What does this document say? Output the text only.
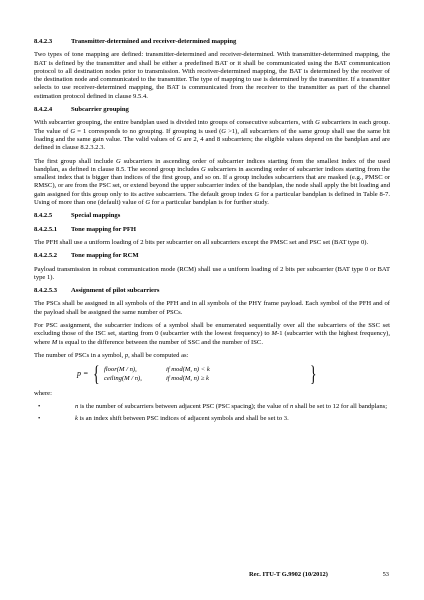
8.4.2.3	Transmitter-determined and receiver-determined mapping

Two types of tone mapping are defined: transmitter-determined and receiver-determined. With transmitter-determined mapping, the BAT is defined by the transmitter and shall be either a predefined BAT or it shall be communicated using the BAT communication protocol to all destination nodes prior to transmission. With receiver-determined mapping, the BAT is determined by the receiver of the destination node and communicated to the transmitter. The type of mapping to use is determined by the transmitter. If a transmitter selects to use receiver-determined mapping, the BAT is communicated from the receiver to the transmitter as part of the channel estimation protocol defined in clause 9.5.4.

8.4.2.4	Subcarrier grouping

With subcarrier grouping, the entire bandplan used is divided into groups of consecutive subcarriers, with G subcarriers in each group. The value of G = 1 corresponds to no grouping. If grouping is used (G >1), all subcarriers of the same group shall use the same bit loading and the same gain value. The valid values of G are 2, 4 and 8 subcarriers; the eligible values depend on the bandplan and are defined in clause 8.2.3.2.3.

The first group shall include G subcarriers in ascending order of subcarrier indices starting from the smallest index of the used bandplan, as defined in clause 8.5. The second group includes G subcarriers in ascending order of subcarrier indices starting from the smallest index that is bigger than indices of the first group, and so on. If a group includes subcarriers that are masked (e.g., PMSC or RMSC), or are from the PSC set, or extend beyond the upper subcarrier index of the bandplan, the node shall apply the bit loading and gain assigned for this group only to its active subcarriers. The default group index G for a particular bandplan is defined in Table 8-7. Using of more than one (default) value of G for a particular bandplan is for further study.

8.4.2.5	Special mappings
8.4.2.5.1	Tone mapping for PFH

The PFH shall use a uniform loading of 2 bits per subcarrier on all subcarriers except the PMSC set and PSC set (BAT type 0).

8.4.2.5.2	Tone mapping for RCM

Payload transmission in robust communication mode (RCM) shall use a uniform loading of 2 bits per subcarrier (BAT type 0 or BAT type 1).

8.4.2.5.3	Assignment of pilot subcarriers

The PSCs shall be assigned in all symbols of the PFH and in all symbols of the PHY frame payload. Each symbol of the PFH and of the payload shall be assigned the same number of PSCs.

For PSC assignment, the subcarrier indices of a symbol shall be enumerated sequentially over all the subcarriers of the SSC set excluding those of the ISC set, starting from 0 (subcarrier with the lowest frequency) to M-1 (subcarrier with the highest frequency), where M is equal to the difference between the number of SSC and the number of ISC.

The number of PSCs in a symbol, p, shall be computed as:

p = { floor(M / n),	if mod(M, n) < k
ceiling(M / n),	if mod(M, n) ≥ k	}

where:

•	n is the number of subcarriers between adjacent PSC (PSC spacing); the value of n shall be set to 12 for all bandplans;
•	k is an index shift between PSC indices of adjacent symbols and shall be set to 3.
Rec. ITU-T G.9902 (10/2012)	53
